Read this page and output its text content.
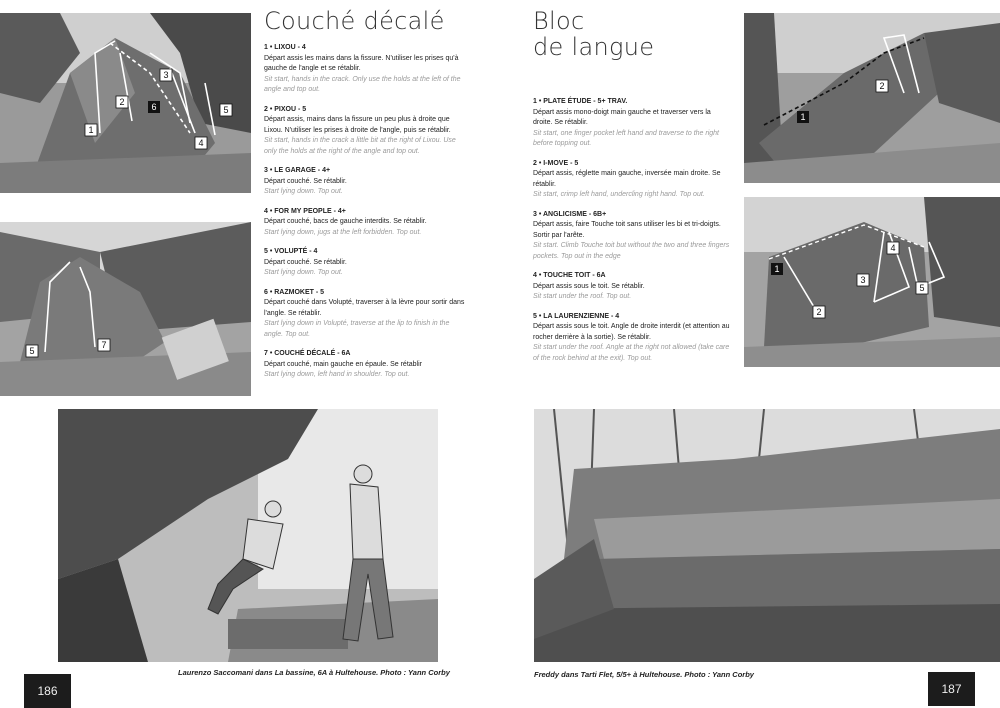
1
2
3
6
4
5
5
7
Couché décalé
1 • LIXOU - 4
Départ assis les mains dans la fissure. N'utiliser les prises qu'à gauche de l'angle et se rétablir.
Sit start, hands in the crack. Only use the holds at the left of the angle and top out.
2 • PIXOU - 5
Départ assis, mains dans la fissure un peu plus à droite que Lixou. N'utiliser les prises à droite de l'angle, puis se rétablir.
Sit start, hands in the crack a little bit at the right of Lixou. Use only the holds at the right of the angle and top out.
3 • LE GARAGE - 4+
Départ couché. Se rétablir.
Start lying down. Top out.
4 • FOR MY PEOPLE - 4+
Départ couché, bacs de gauche interdits. Se rétablir.
Start lying down, jugs at the left forbidden. Top out.
5 • VOLUPTÉ - 4
Départ couché. Se rétablir.
Start lying down. Top out.
6 • RAZMOKET - 5
Départ couché dans Volupté, traverser à la lèvre pour sortir dans l'angle. Se rétablir.
Start lying down in Volupté, traverse at the lip to finish in the angle. Top out.
7 • COUCHÉ DÉCALÉ - 6A
Départ couché, main gauche en épaule. Se rétablir
Start lying down, left hand in shoulder. Top out.
Laurenzo Saccomani dans La bassine, 6A à Hultehouse. Photo : Yann Corby
186
Bloc
de langue
1 • PLATE ÉTUDE - 5+ TRAV.
Départ assis mono-doigt main gauche et traverser vers la droite. Se rétablir.
Sit start, one finger pocket left hand and traverse to the right before topping out.
2 • I-MOVE - 5
Départ assis, réglette main gauche, inversée main droite. Se rétablir.
Sit start, crimp left hand, undercling right hand. Top out.
3 • ANGLICISME - 6B+
Départ assis, faire Touche toit sans utiliser les bi et tri-doigts. Sortir par l'arête.
Sit start. Climb Touche toit but without the two and three fingers pockets. Top out in the edge
4 • TOUCHE TOIT - 6A
Départ assis sous le toit. Se rétablir.
Sit start under the roof. Top out.
5 • LA LAURENZIENNE - 4
Départ assis sous le toit. Angle de droite interdit (et attention au rocher derrière à la sortie). Se rétablir.
Sit start under the roof. Angle at the right not allowed (take care of the rock behind at the exit). Top out.
1
2
1
4
3
5
2
Freddy dans Tarti Flet, 5/5+ à Hultehouse. Photo : Yann Corby
187
